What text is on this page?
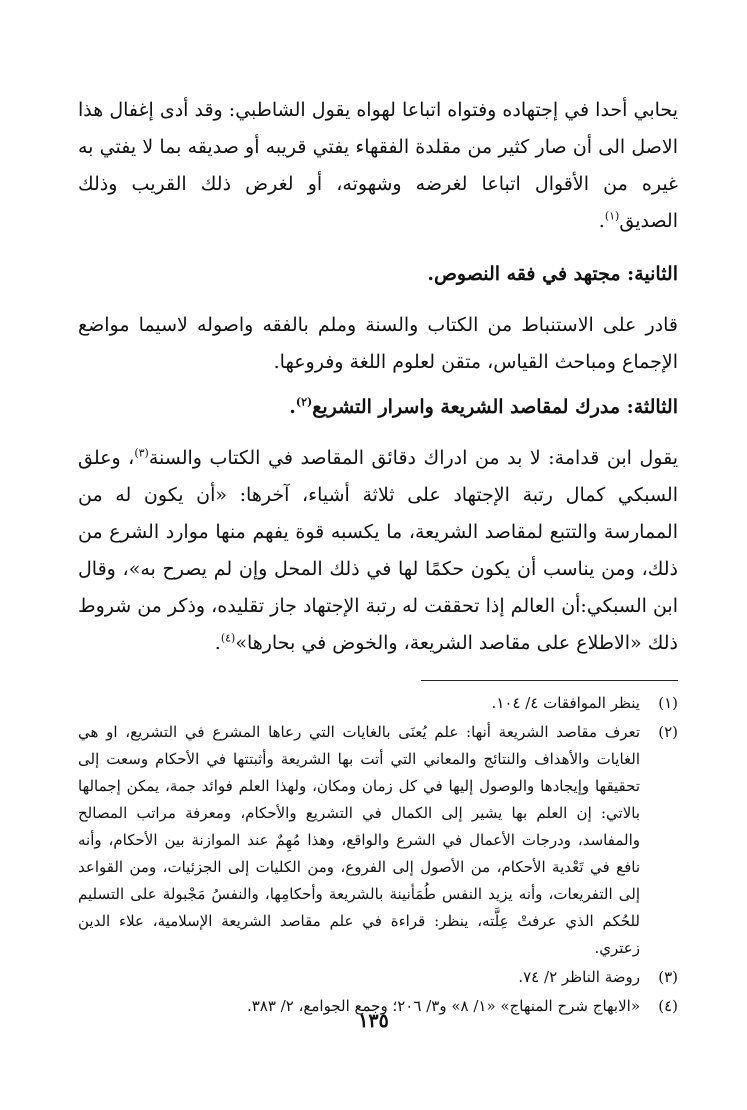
يحابي أحدا في إجتهاده وفتواه اتباعا لهواه يقول الشاطبي: وقد أدى إغفال هذا الاصل الى أن صار كثير من مقلدة الفقهاء يفتي قريبه أو صديقه بما لا يفتي به غيره من الأقوال اتباعا لغرضه وشهوته، أو لغرض ذلك القريب وذلك الصديق$^{(١)}$.

الثانية: مجتهد في فقه النصوص.

قادر على الاستنباط من الكتاب والسنة وملم بالفقه واصوله لاسيما مواضع الإجماع ومباحث القياس، متقن لعلوم اللغة وفروعها.

الثالثة: مدرك لمقاصد الشريعة واسرار التشريع$^{(٢)}$.

يقول ابن قدامة: لا بد من ادراك دقائق المقاصد في الكتاب والسنة$^{(٣)}$، وعلق السبكي كمال رتبة الإجتهاد على ثلاثة أشياء، آخرها: «أن يكون له من الممارسة والتتبع لمقاصد الشريعة، ما يكسبه قوة يفهم منها موارد الشرع من ذلك، ومن يناسب أن يكون حكمًا لها في ذلك المحل وإن لم يصرح به»، وقال ابن السبكي:أن العالم إذا تحققت له رتبة الإجتهاد جاز تقليده، وذكر من شروط ذلك «الاطلاع على مقاصد الشريعة، والخوض في بحارها»$^{(٤)}$.

(١)
ينظر الموافقات ٤/ ١٠٤.
(٢)
تعرف مقاصد الشريعة أنها: علم يُعنَى بالغايات التي رعاها المشرع في التشريع، او هي الغايات والأهداف والنتائج والمعاني التي أتت بها الشريعة وأثبتتها في الأحكام وسعت إلى تحقيقها وإيجادها والوصول إليها في كل زمان ومكان، ولهذا العلم فوائد جمة، يمكن إجمالها بالاتي: إن العلم بها يشير إلى الكمال في التشريع والأحكام، ومعرفة مراتب المصالح والمفاسد، ودرجات الأعمال في الشرع والواقع، وهذا مُهِمٌ عند الموازنة بين الأحكام، وأنه نافع في تَعْدية الأحكام، من الأصول إلى الفروع، ومن الكليات إلى الجزئيات، ومن القواعد إلى التفريعات، وأنه يزيد النفس طُمَأنينة بالشريعة وأحكامِها، والنفسُ مَجْبولة على التسليم للحُكم الذي عرفتْ عِلَّته، ينظر: قراءة في علم مقاصد الشريعة الإسلامية، علاء الدين زعتري.
(٣)
روضة الناظر ٢/ ٧٤.
(٤)
«الابهاج شرح المنهاج» «١/ ٨» و٣/ ٢٠٦؛ وجمع الجوامع، ٢/ ٣٨٣.
١٣٥
